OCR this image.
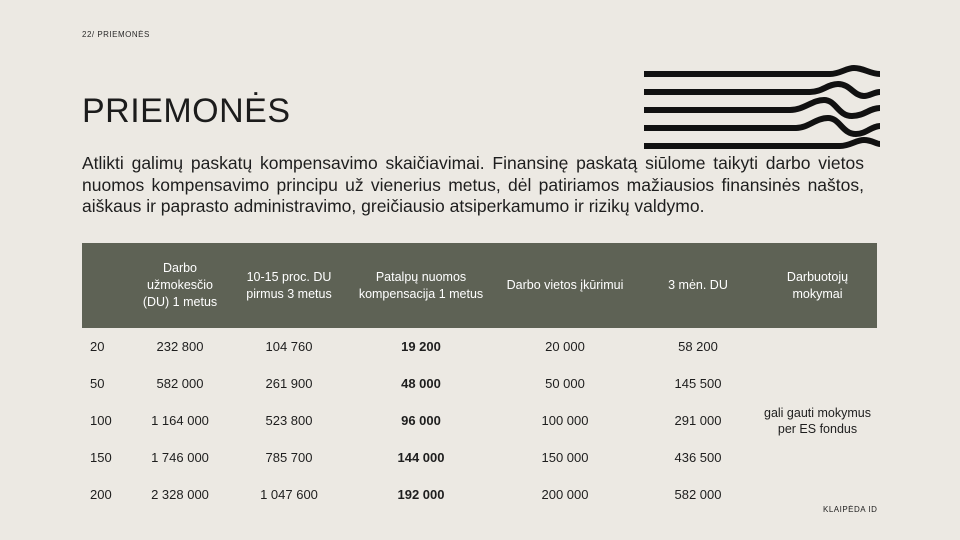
22/ PRIEMONĖS
PRIEMONĖS

Atlikti galimų paskatų kompensavimo skaičiavimai. Finansinę paskatą siūlome taikyti darbo vietos nuomos kompensavimo principu už vienerius metus, dėl patiriamos mažiausios finansinės naštos, aiškaus ir paprasto administravimo, greičiausio atsiperkamumo ir rizikų valdymo.

	Darbo užmokesčio (DU) 1 metus	10-15 proc. DU pirmus 3 metus	Patalpų nuomos kompensacija 1 metus	Darbo vietos įkūrimui	3 mėn. DU	Darbuotojų mokymai
20	232 800	104 760	19 200	20 000	58 200	gali gauti mokymus per ES fondus
50	582 000	261 900	48 000	50 000	145 500	
100	1 164 000	523 800	96 000	100 000	291 000	
150	1 746 000	785 700	144 000	150 000	436 500	
200	2 328 000	1 047 600	192 000	200 000	582 000	
KLAIPĖDA ID
